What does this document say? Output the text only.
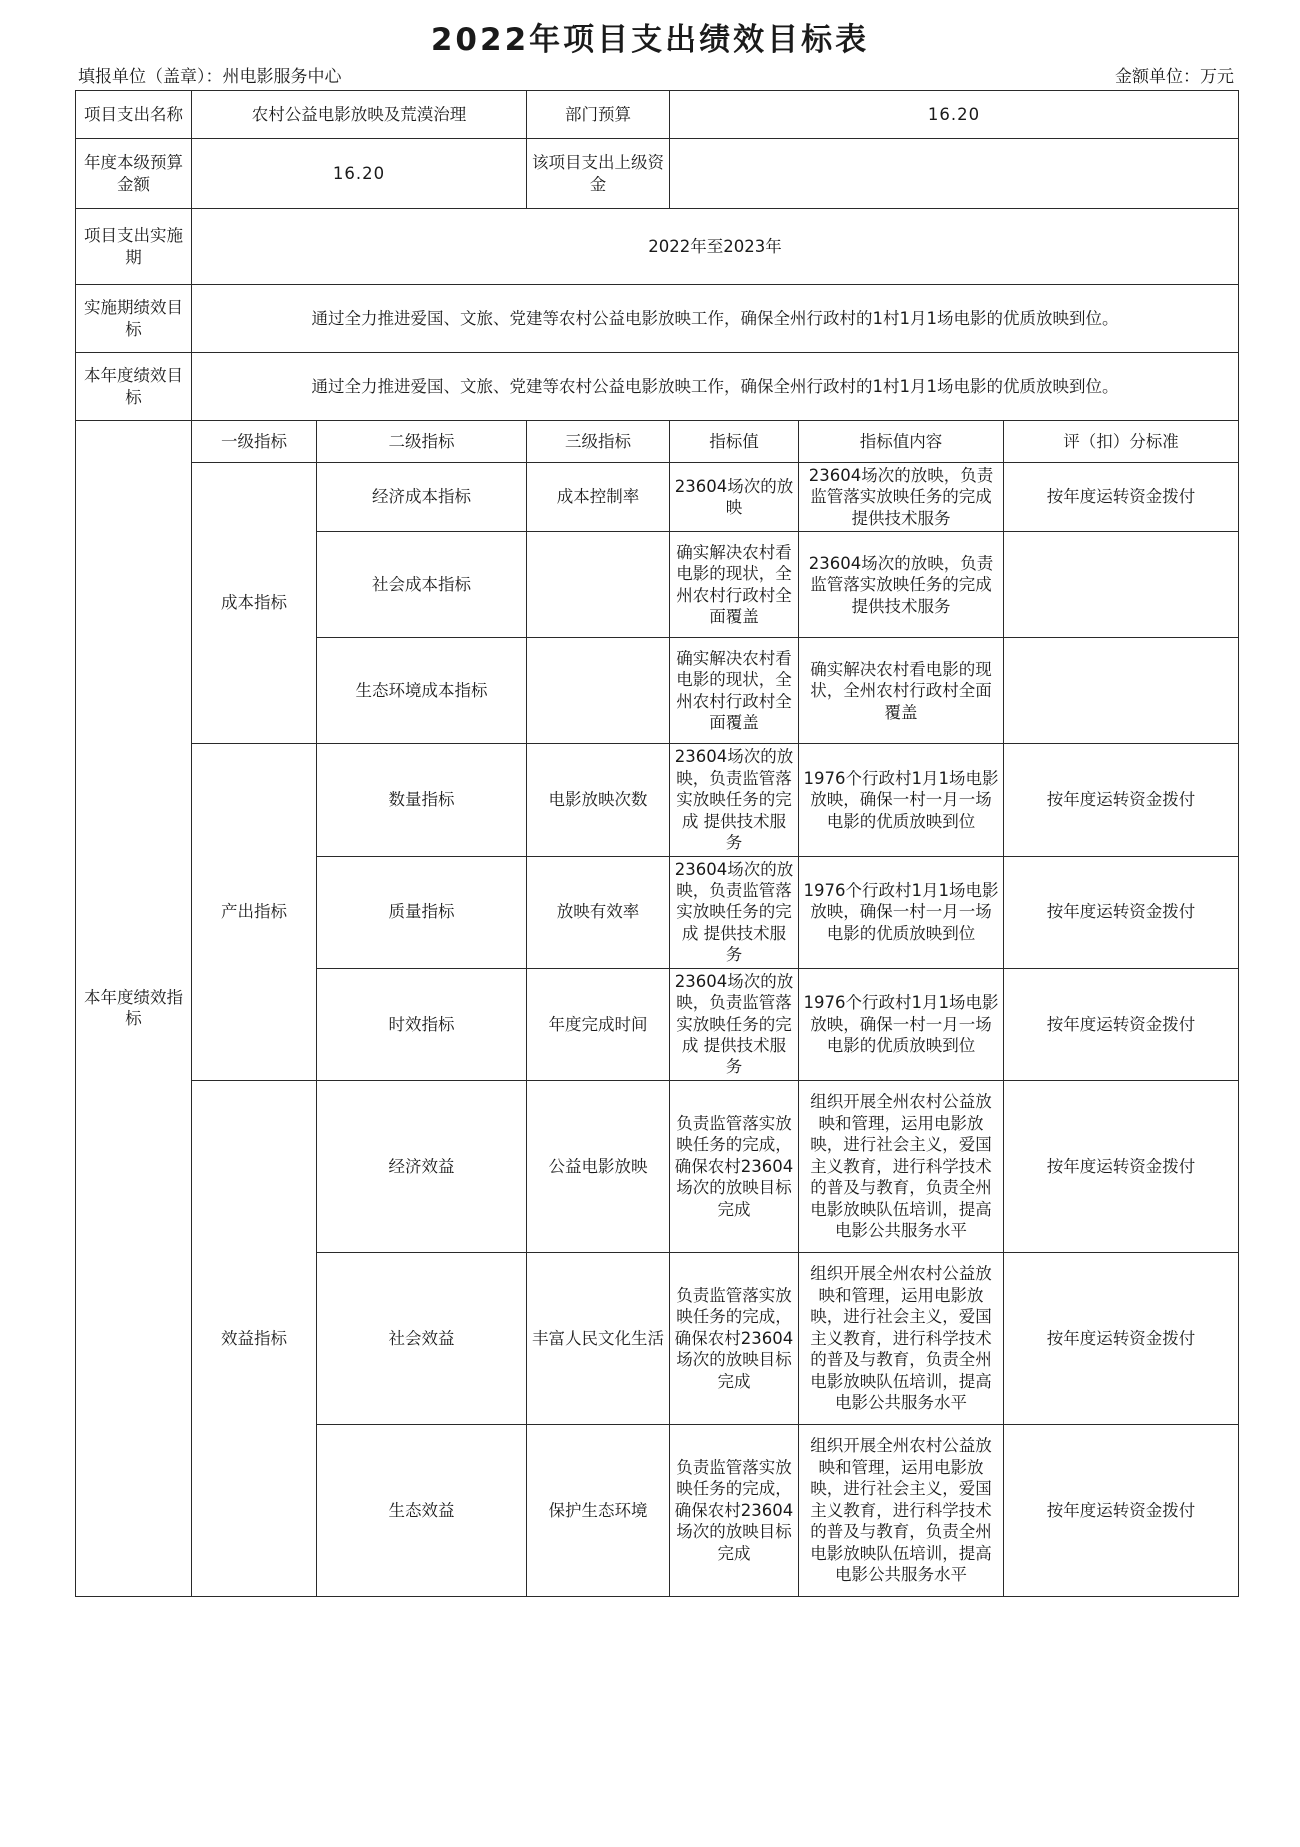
2022年项目支出绩效目标表
填报单位（盖章）：州电影服务中心	金额单位：万元
项目支出名称	农村公益电影放映及荒漠治理		部门预算	16.20		
年度本级预算金额	16.20		该项目支出上级资金			
项目支出实施期	2022年至2023年					
实施期绩效目标	通过全力推进爱国、文旅、党建等农村公益电影放映工作，确保全州行政村的1村1月1场电影的优质放映到位。					
本年度绩效目标	通过全力推进爱国、文旅、党建等农村公益电影放映工作，确保全州行政村的1村1月1场电影的优质放映到位。					
本年度绩效指标	一级指标	二级指标	三级指标	指标值	指标值内容	评（扣）分标准
	成本指标	经济成本指标	成本控制率	23604场次的放映	23604场次的放映，负责监管落实放映任务的完成 提供技术服务	按年度运转资金拨付
		社会成本指标		确实解决农村看电影的现状，全州农村行政村全面覆盖	23604场次的放映，负责监管落实放映任务的完成 提供技术服务	
		生态环境成本指标		确实解决农村看电影的现状，全州农村行政村全面覆盖	确实解决农村看电影的现状，全州农村行政村全面覆盖	
	产出指标	数量指标	电影放映次数	23604场次的放映，负责监管落实放映任务的完成 提供技术服务	1976个行政村1月1场电影放映，确保一村一月一场电影的优质放映到位	按年度运转资金拨付
		质量指标	放映有效率	23604场次的放映，负责监管落实放映任务的完成 提供技术服务	1976个行政村1月1场电影放映，确保一村一月一场电影的优质放映到位	按年度运转资金拨付
		时效指标	年度完成时间	23604场次的放映，负责监管落实放映任务的完成 提供技术服务	1976个行政村1月1场电影放映，确保一村一月一场电影的优质放映到位	按年度运转资金拨付
	效益指标	经济效益	公益电影放映	负责监管落实放映任务的完成，确保农村23604场次的放映目标完成	组织开展全州农村公益放映和管理，运用电影放映，进行社会主义，爱国主义教育，进行科学技术的普及与教育，负责全州电影放映队伍培训，提高电影公共服务水平	按年度运转资金拨付
		社会效益	丰富人民文化生活	负责监管落实放映任务的完成，确保农村23604场次的放映目标完成	组织开展全州农村公益放映和管理，运用电影放映，进行社会主义，爱国主义教育，进行科学技术的普及与教育，负责全州电影放映队伍培训，提高电影公共服务水平	按年度运转资金拨付
		生态效益	保护生态环境	负责监管落实放映任务的完成，确保农村23604场次的放映目标完成	组织开展全州农村公益放映和管理，运用电影放映，进行社会主义，爱国主义教育，进行科学技术的普及与教育，负责全州电影放映队伍培训，提高电影公共服务水平	按年度运转资金拨付
